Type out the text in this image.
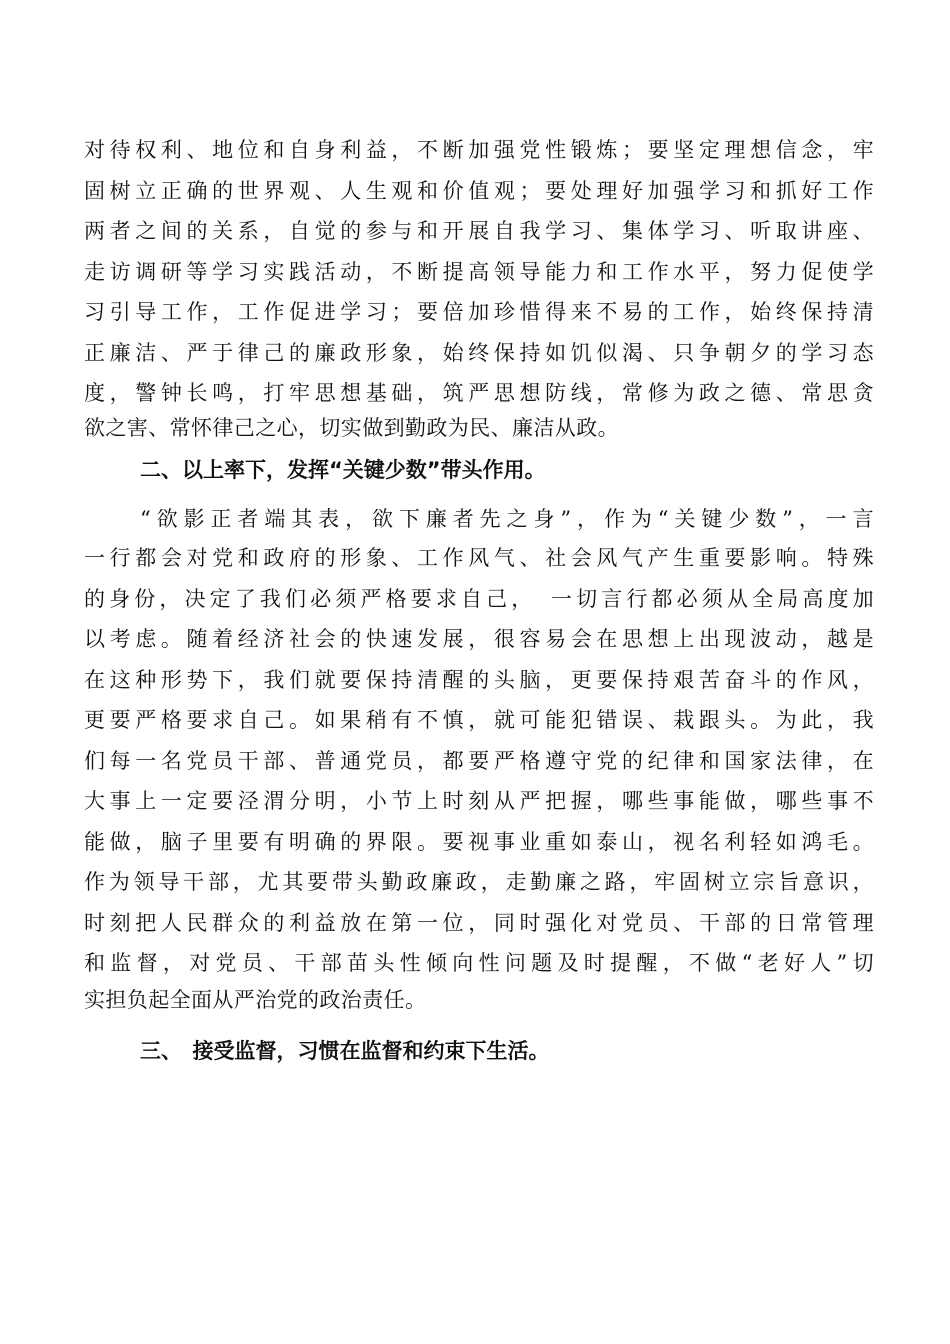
对待权利、地位和自身利益，不断加强党性锻炼；要坚定理想信念，牢
固树立正确的世界观、人生观和价值观；要处理好加强学习和抓好工作
两者之间的关系，自觉的参与和开展自我学习、集体学习、听取讲座、
走访调研等学习实践活动，不断提高领导能力和工作水平，努力促使学
习引导工作，工作促进学习；要倍加珍惜得来不易的工作，始终保持清
正廉洁、严于律己的廉政形象，始终保持如饥似渴、只争朝夕的学习态
度，警钟长鸣，打牢思想基础，筑严思想防线，常修为政之德、常思贪
欲之害、常怀律己之心，切实做到勤政为民、廉洁从政。
二、以上率下，发挥“关键少数”带头作用。
“欲影正者端其表，欲下廉者先之身”，作为“关键少数”，一言
一行都会对党和政府的形象、工作风气、社会风气产生重要影响。特殊
的身份，决定了我们必须严格要求自己，　一切言行都必须从全局高度加
以考虑。随着经济社会的快速发展，很容易会在思想上出现波动，越是
在这种形势下，我们就要保持清醒的头脑，更要保持艰苦奋斗的作风，
更要严格要求自己。如果稍有不慎，就可能犯错误、栽跟头。为此，我
们每一名党员干部、普通党员，都要严格遵守党的纪律和国家法律，在
大事上一定要泾渭分明，小节上时刻从严把握，哪些事能做，哪些事不
能做，脑子里要有明确的界限。要视事业重如泰山，视名利轻如鸿毛。
作为领导干部，尤其要带头勤政廉政，走勤廉之路，牢固树立宗旨意识，
时刻把人民群众的利益放在第一位，同时强化对党员、干部的日常管理
和监督，对党员、干部苗头性倾向性问题及时提醒，不做“老好人”切
实担负起全面从严治党的政治责任。
三、　接受监督，习惯在监督和约束下生活。
